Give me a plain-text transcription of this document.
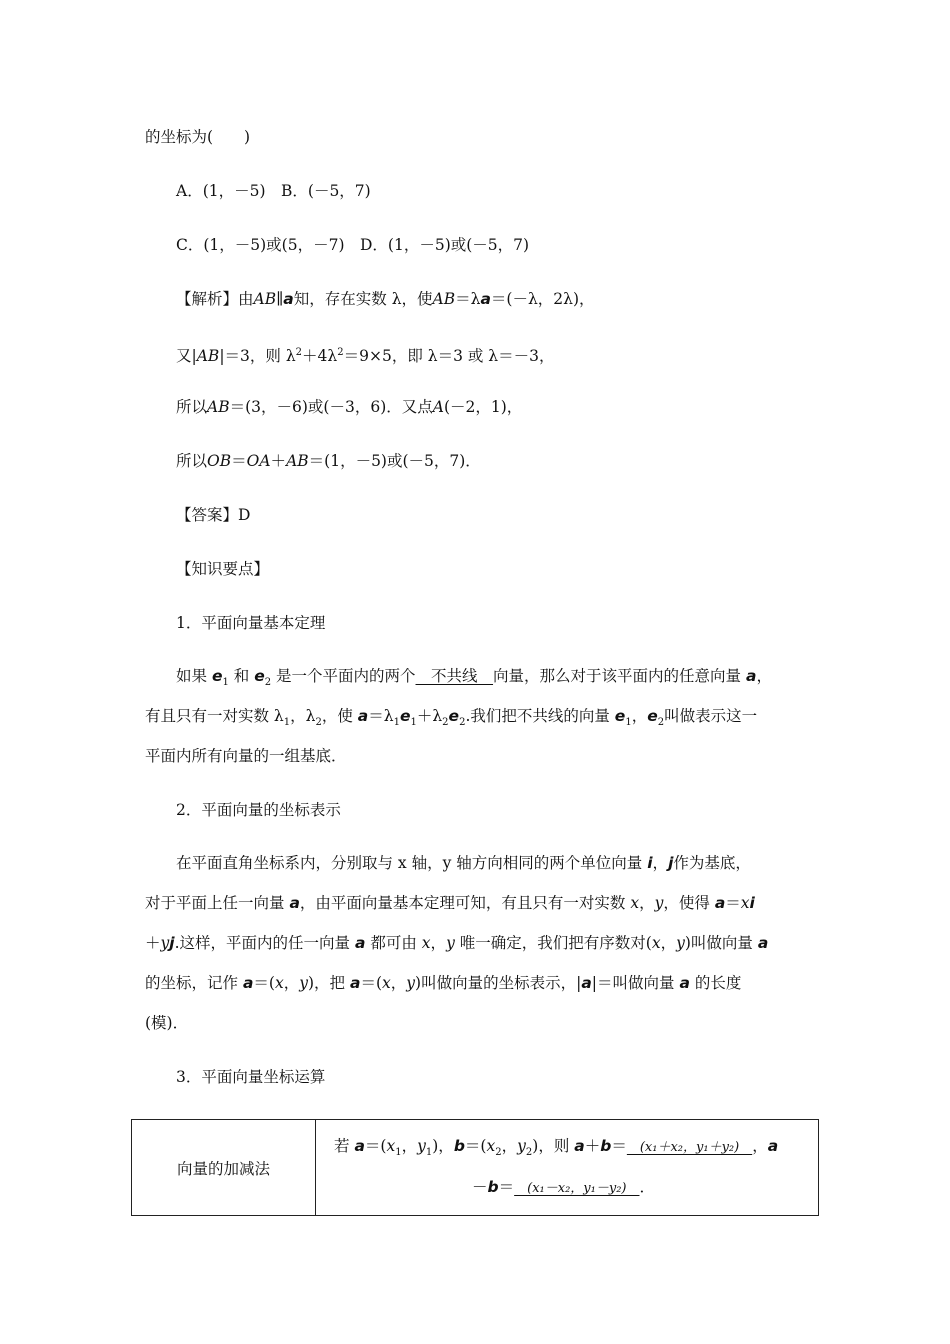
的坐标为(　　)
A．(1，－5)　B．(－5，7)
C．(1，－5)或(5，－7)　D．(1，－5)或(－5，7)
【解析】由AB∥a知，存在实数 λ，使AB＝λa＝(－λ，2λ)，
又|AB|＝3，则 $\lambda^2+4\lambda^2=9\times 5$，即 λ＝3 或 λ＝－3，
所以AB＝(3，－6)或(－3，6)．又点A(－2，1)，
所以OB＝OA＋AB＝(1，－5)或(－5，7)．
【答案】D
【知识要点】
1．平面向量基本定理
如果 $e_1$ 和 $e_2$ 是一个平面内的两个　不共线　向量，那么对于该平面内的任意向量 a，
有且只有一对实数 $\lambda_1$，$\lambda_2$，使 $a=\lambda_1e_1+\lambda_2e_2$.我们把不共线的向量 $e_1$，$e_2$叫做表示这一
平面内所有向量的一组基底．
2．平面向量的坐标表示
在平面直角坐标系内，分别取与 x 轴，y 轴方向相同的两个单位向量 i，j作为基底，
对于平面上任一向量 a，由平面向量基本定理可知，有且只有一对实数 x，y，使得 a＝xi
＋yj.这样，平面内的任一向量 a 都可由 x，y 唯一确定，我们把有序数对(x，y)叫做向量 a
的坐标，记作 a＝(x，y)，把 a＝(x，y)叫做向量的坐标表示，|a|＝叫做向量 a 的长度
(模)．
3．平面向量坐标运算
向量的加减法	
若 $a=(x_1$，$y_1$)，$b=(x_2$，$y_2$)，则 a＋b＝　(x₁＋x₂，y₁＋y₂)　，a
－b＝　(x₁－x₂，y₁－y₂)　．
